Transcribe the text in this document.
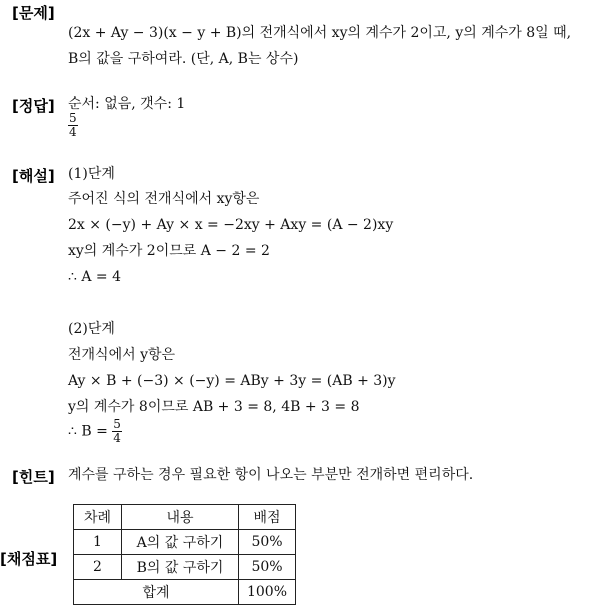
[문제]
(2x + Ay − 3)(x − y + B)의 전개식에서 xy의 계수가 2이고, y의 계수가 8일 때,
B의 값을 구하여라. (단, A, B는 상수)
[정답] 순서: 없음, 갯수: 1
$\frac{5}{4}$
[해설] (1)단계
주어진 식의 전개식에서 xy항은
2x × (−y) + Ay × x = −2xy + Axy = (A − 2)xy
xy의 계수가 2이므로 A − 2 = 2
∴ A = 4
(2)단계
전개식에서 y항은
Ay × B + (−3) × (−y) = ABy + 3y = (AB + 3)y
y의 계수가 8이므로 AB + 3 = 8, 4B + 3 = 8
∴ $B = \frac{5}{4}$
[힌트] 계수를 구하는 경우 필요한 항이 나오는 부분만 전개하면 편리하다.
[채점표]
차례	내용	배점
1	A의 값 구하기	50%
2	B의 값 구하기	50%
합계		100%
